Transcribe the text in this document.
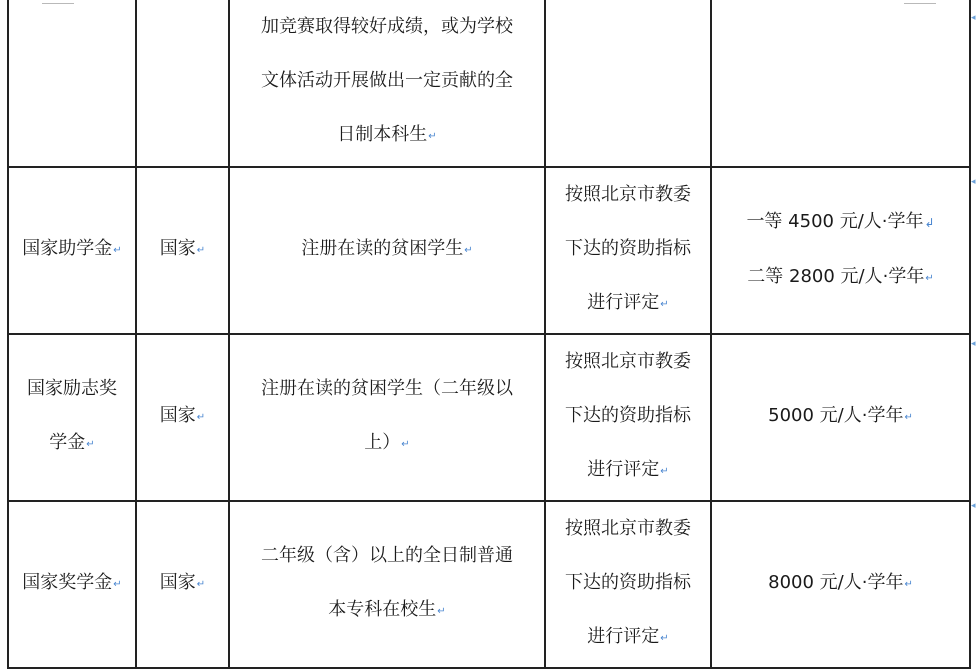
◂
◂
◂
◂

		加竞赛取得较好成绩，或为学校
文体活动开展做出一定贡献的全
日制本科生↵		

国家助学金↵	国家↵	注册在读的贫困学生↵	按照北京市教委
下达的资助指标
进行评定↵	一等 4500 元/人·学年↲
二等 2800 元/人·学年↵

国家励志奖
学金↵	国家↵	注册在读的贫困学生（二年级以
上）↵	按照北京市教委
下达的资助指标
进行评定↵	5000 元/人·学年↵

国家奖学金↵	国家↵	二年级（含）以上的全日制普通
本专科在校生↵	按照北京市教委
下达的资助指标
进行评定↵	8000 元/人·学年↵
